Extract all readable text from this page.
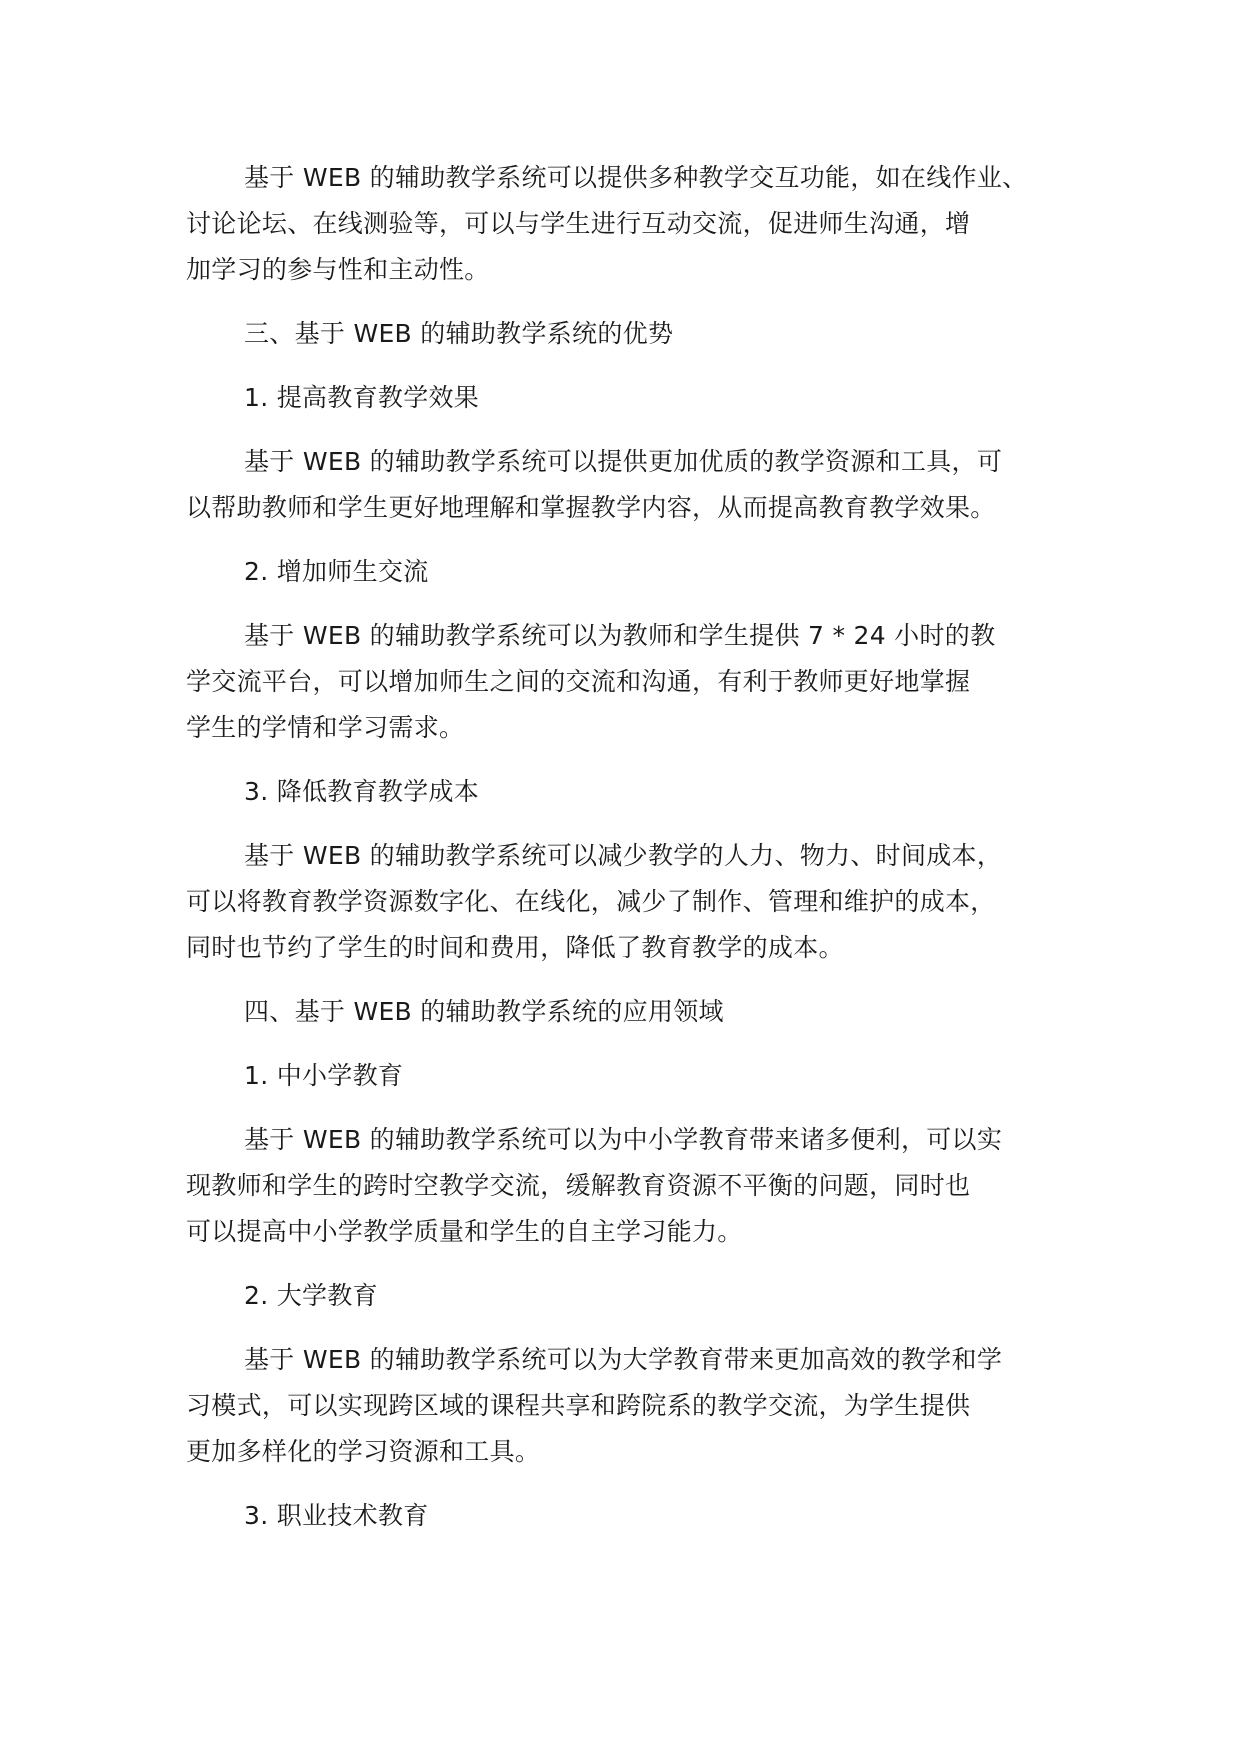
基于 WEB 的辅助教学系统可以提供多种教学交互功能，如在线作业、
讨论论坛、在线测验等，可以与学生进行互动交流，促进师生沟通，增
加学习的参与性和主动性。
三、基于 WEB 的辅助教学系统的优势
1. 提高教育教学效果
基于 WEB 的辅助教学系统可以提供更加优质的教学资源和工具，可
以帮助教师和学生更好地理解和掌握教学内容，从而提高教育教学效果。
2. 增加师生交流
基于 WEB 的辅助教学系统可以为教师和学生提供 7 * 24 小时的教
学交流平台，可以增加师生之间的交流和沟通，有利于教师更好地掌握
学生的学情和学习需求。
3. 降低教育教学成本
基于 WEB 的辅助教学系统可以减少教学的人力、物力、时间成本，
可以将教育教学资源数字化、在线化，减少了制作、管理和维护的成本，
同时也节约了学生的时间和费用，降低了教育教学的成本。
四、基于 WEB 的辅助教学系统的应用领域
1. 中小学教育
基于 WEB 的辅助教学系统可以为中小学教育带来诸多便利，可以实
现教师和学生的跨时空教学交流，缓解教育资源不平衡的问题，同时也
可以提高中小学教学质量和学生的自主学习能力。
2. 大学教育
基于 WEB 的辅助教学系统可以为大学教育带来更加高效的教学和学
习模式，可以实现跨区域的课程共享和跨院系的教学交流，为学生提供
更加多样化的学习资源和工具。
3. 职业技术教育
